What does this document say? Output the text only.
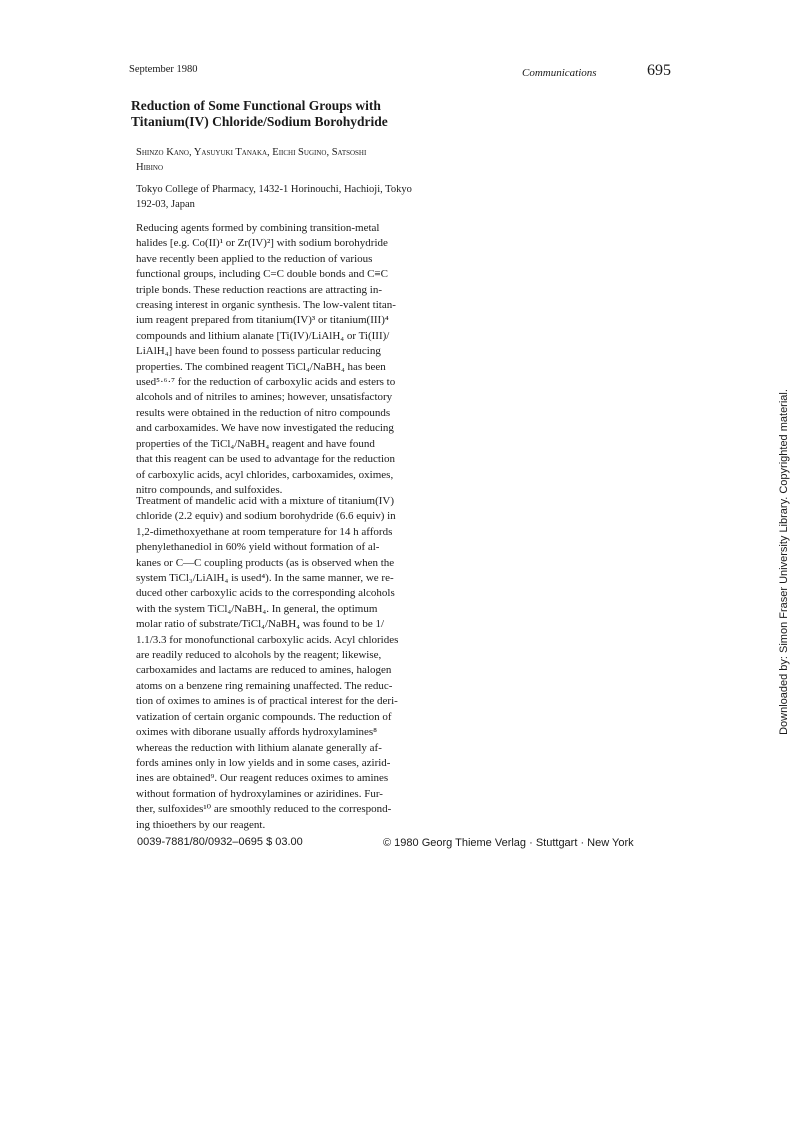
September 1980	Communications	695
Reduction of Some Functional Groups with
Titanium(IV) Chloride/Sodium Borohydride
Shinzo Kano, Yasuyuki Tanaka, Eiichi Sugino, Satsoshi
Hibino
Tokyo College of Pharmacy, 1432-1 Horinouchi, Hachioji, Tokyo
192-03, Japan
Reducing agents formed by combining transition-metal
halides [e.g. Co(II)¹ or Zr(IV)²] with sodium borohydride
have recently been applied to the reduction of various
functional groups, including C=C double bonds and C≡C
triple bonds. These reduction reactions are attracting in-
creasing interest in organic synthesis. The low-valent titan-
ium reagent prepared from titanium(IV)³ or titanium(III)⁴
compounds and lithium alanate [Ti(IV)/LiAlH₄ or Ti(III)/
LiAlH₄] have been found to possess particular reducing
properties. The combined reagent TiCl₄/NaBH₄ has been
used⁵·⁶·⁷ for the reduction of carboxylic acids and esters to
alcohols and of nitriles to amines; however, unsatisfactory
results were obtained in the reduction of nitro compounds
and carboxamides. We have now investigated the reducing
properties of the TiCl₄/NaBH₄ reagent and have found
that this reagent can be used to advantage for the reduction
of carboxylic acids, acyl chlorides, carboxamides, oximes,
nitro compounds, and sulfoxides.
Treatment of mandelic acid with a mixture of titanium(IV)
chloride (2.2 equiv) and sodium borohydride (6.6 equiv) in
1,2-dimethoxyethane at room temperature for 14 h affords
phenylethanediol in 60% yield without formation of al-
kanes or C—C coupling products (as is observed when the
system TiCl₃/LiAlH₄ is used⁴). In the same manner, we re-
duced other carboxylic acids to the corresponding alcohols
with the system TiCl₄/NaBH₄. In general, the optimum
molar ratio of substrate/TiCl₄/NaBH₄ was found to be 1/
1.1/3.3 for monofunctional carboxylic acids. Acyl chlorides
are readily reduced to alcohols by the reagent; likewise,
carboxamides and lactams are reduced to amines, halogen
atoms on a benzene ring remaining unaffected. The reduc-
tion of oximes to amines is of practical interest for the deri-
vatization of certain organic compounds. The reduction of
oximes with diborane usually affords hydroxylamines⁸
whereas the reduction with lithium alanate generally af-
fords amines only in low yields and in some cases, azirid-
ines are obtained⁹. Our reagent reduces oximes to amines
without formation of hydroxylamines or aziridines. Fur-
ther, sulfoxides¹⁰ are smoothly reduced to the correspond-
ing thioethers by our reagent.
0039-7881/80/0932–0695 $ 03.00	© 1980 Georg Thieme Verlag · Stuttgart · New York
Downloaded by: Simon Fraser University Library. Copyrighted material.
